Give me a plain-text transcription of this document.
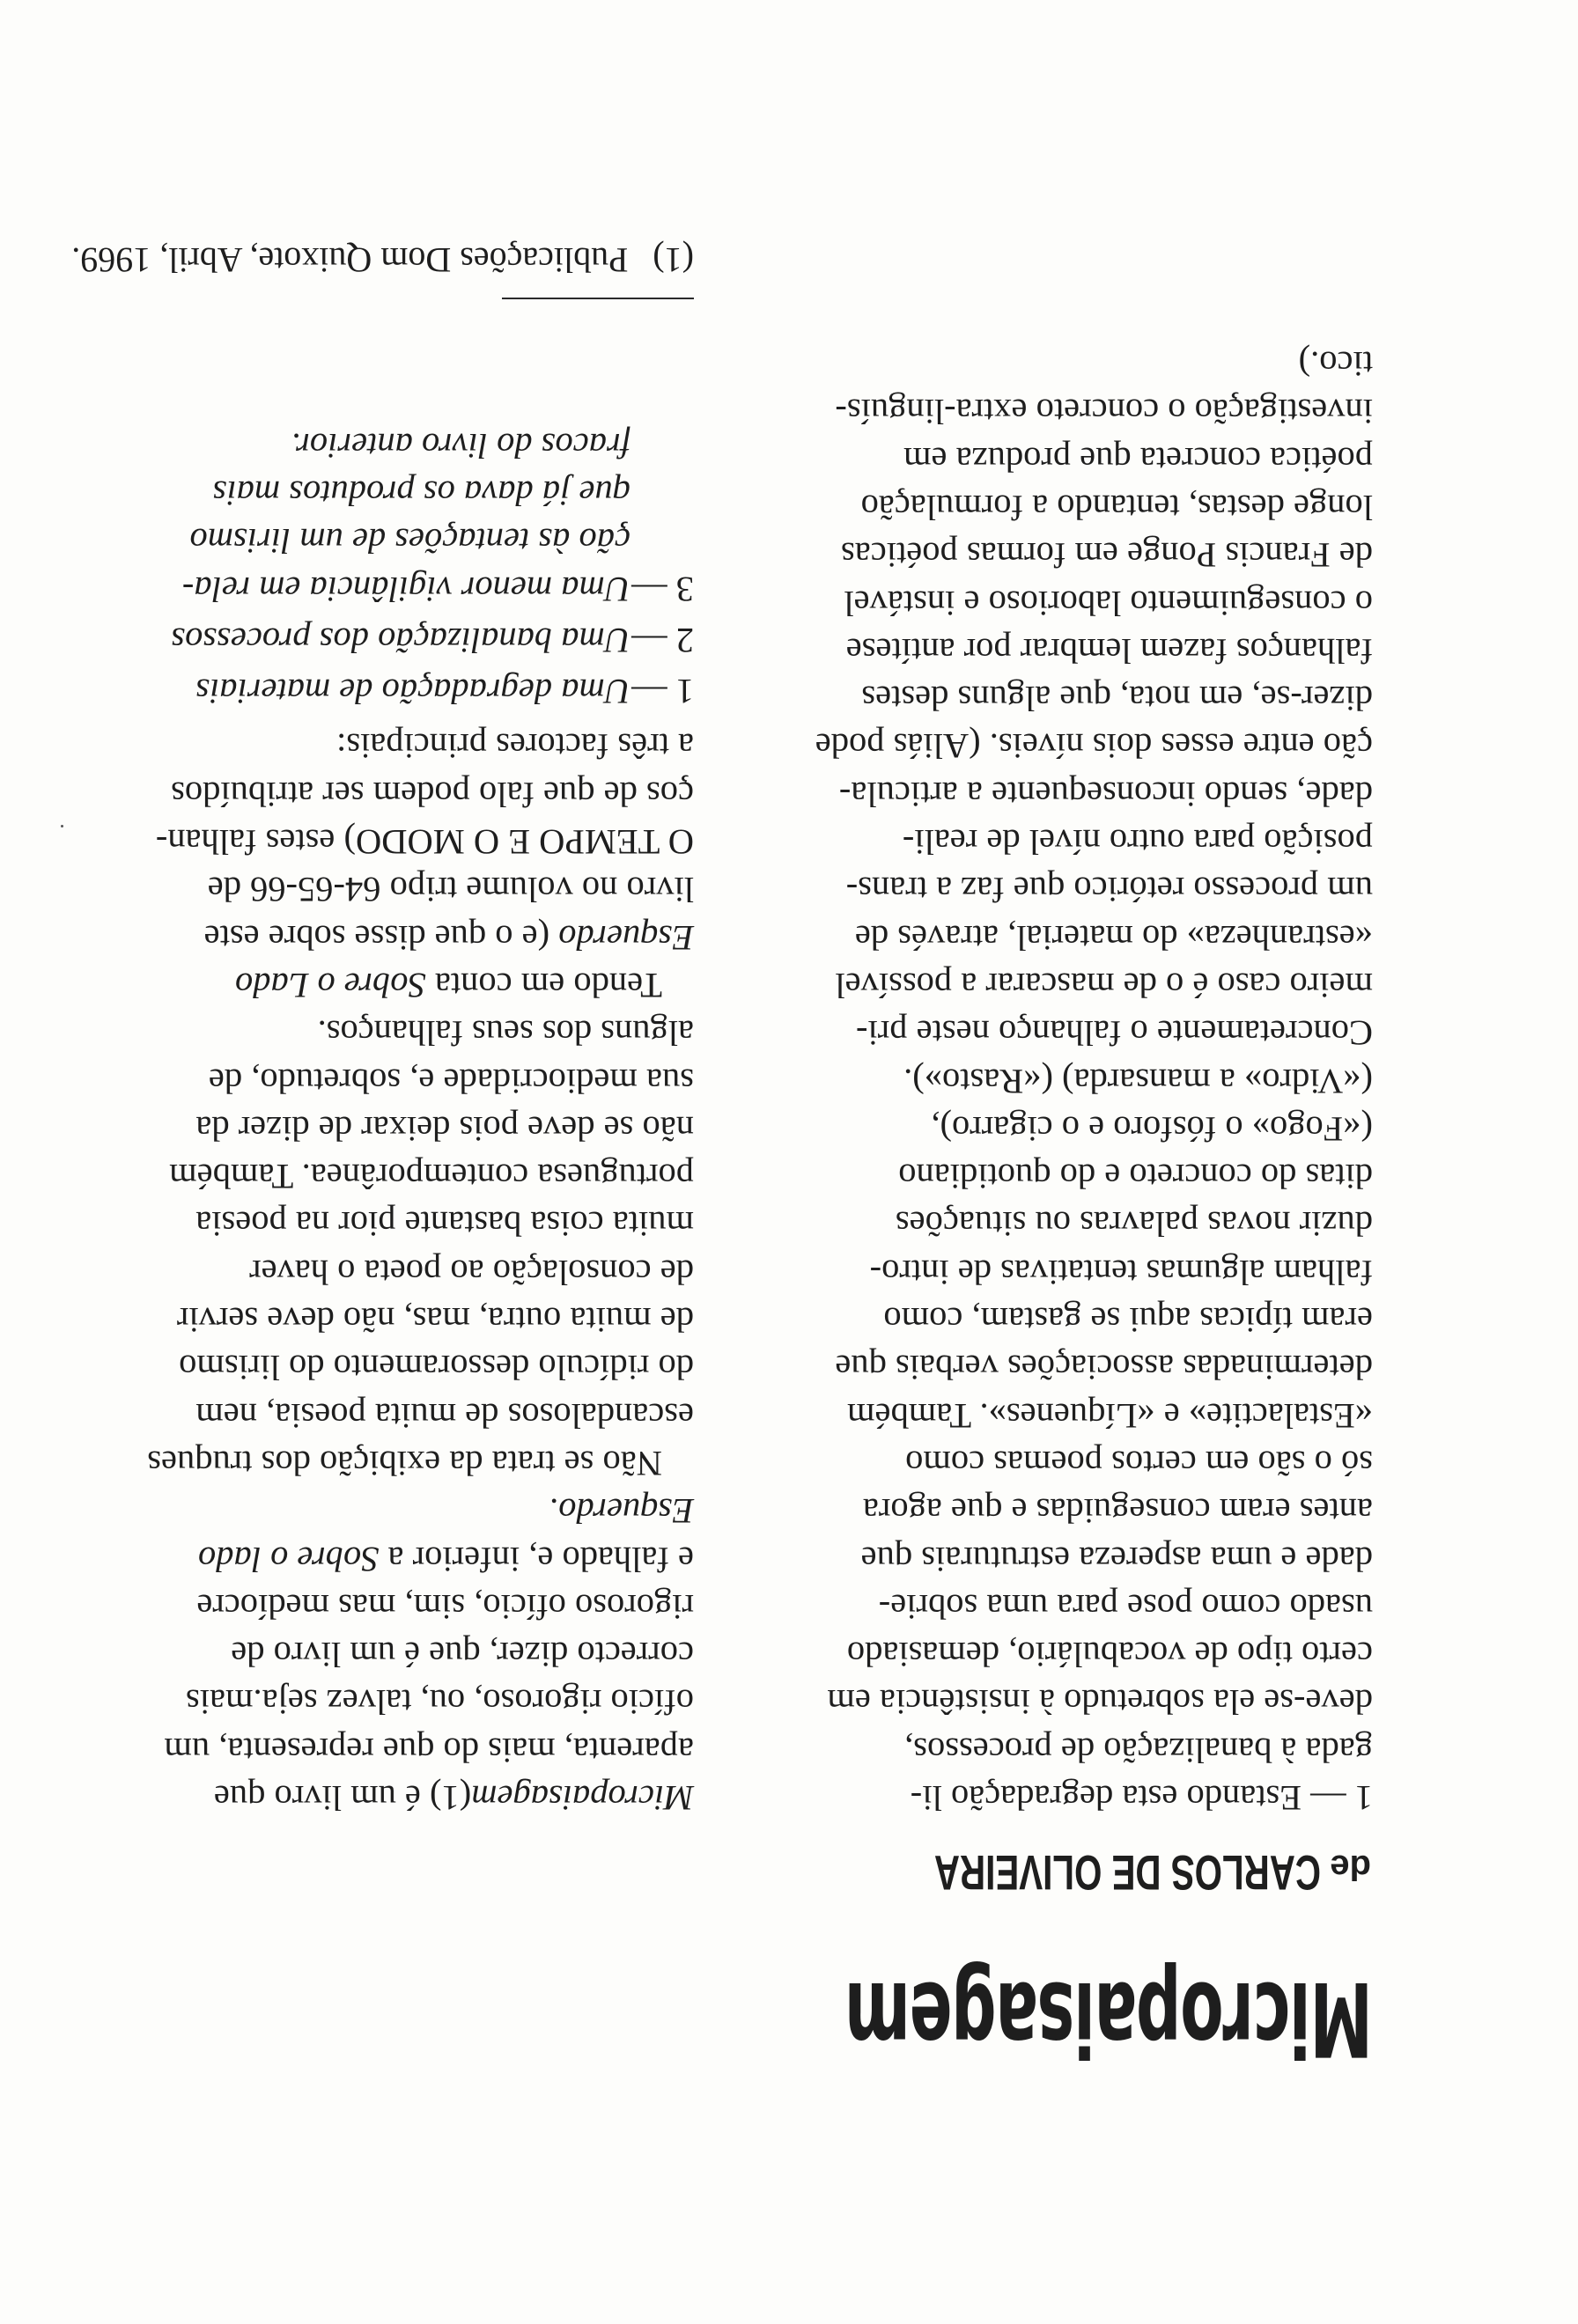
Micropaisagem
de CARLOS DE OLIVEIRA

1 — Estando esta degradação li-
gada à banalização de processos,
deve-se ela sobretudo à insistência em
certo tipo de vocabulário, demasiado
usado como pose para uma sobrie-
dade e uma aspereza estruturais que
antes eram conseguidas e que agora
só o são em certos poemas como
«Estalactite» e «Líquenes». Também
determinadas associações verbais que
eram típicas aqui se gastam, como
falham algumas tentativas de intro-
duzir novas palavras ou situações
ditas do concreto e do quotidiano
(«Fogo» o fósforo e o cigarro),
(«Vidro» a mansarda) («Rasto»).
Concretamente o falhanço neste pri-
meiro caso é o de mascarar a possível
«estranheza» do material, através de
um processo retórico que faz a trans-
posição para outro nível de reali-
dade, sendo inconsequente a articula-
ção entre esses dois níveis. (Aliás pode
dizer-se, em nota, que alguns destes
falhanços fazem lembrar por antítese
o conseguimento laborioso e instável
de Francis Ponge em formas poéticas
longe destas, tentando a formulação
poética concreta que produza em
investigação o concreto extra-linguís-
tico.)

Micropaisagem(1) é um livro que
aparenta, mais do que representa, um
ofício rigoroso, ou, talvez seja.mais
correcto dizer, que é um livro de
rigoroso ofício, sim, mas medíocre
e falhado e, inferior a Sobre o lado
Esquerdo.

Não se trata da exibição dos truques
escandalosos de muita poesia, nem
do ridículo dessoramento do lirismo
de muita outra, mas, não deve servir
de consolação ao poeta o haver
muita coisa bastante pior na poesia
portuguesa contemporânea. Também
não se deve pois deixar de dizer da
sua mediocridade e, sobretudo, de
alguns dos seus falhanços.

Tendo em conta Sobre o Lado
Esquerdo (e o que disse sobre este
livro no volume tripo 64-65-66 de
O TEMPO E O MODO) estes falhan-
ços de que falo podem ser atribuídos
a três factores principais:

1 —Uma degradação de materiais

2 —Uma banalização dos processos

3 —Uma menor vigilância em rela-

ção às tentações de um lirismo
que já dava os produtos mais
fracos do livro anterior.

(1) Publicações Dom Quixote, Abril, 1969.
